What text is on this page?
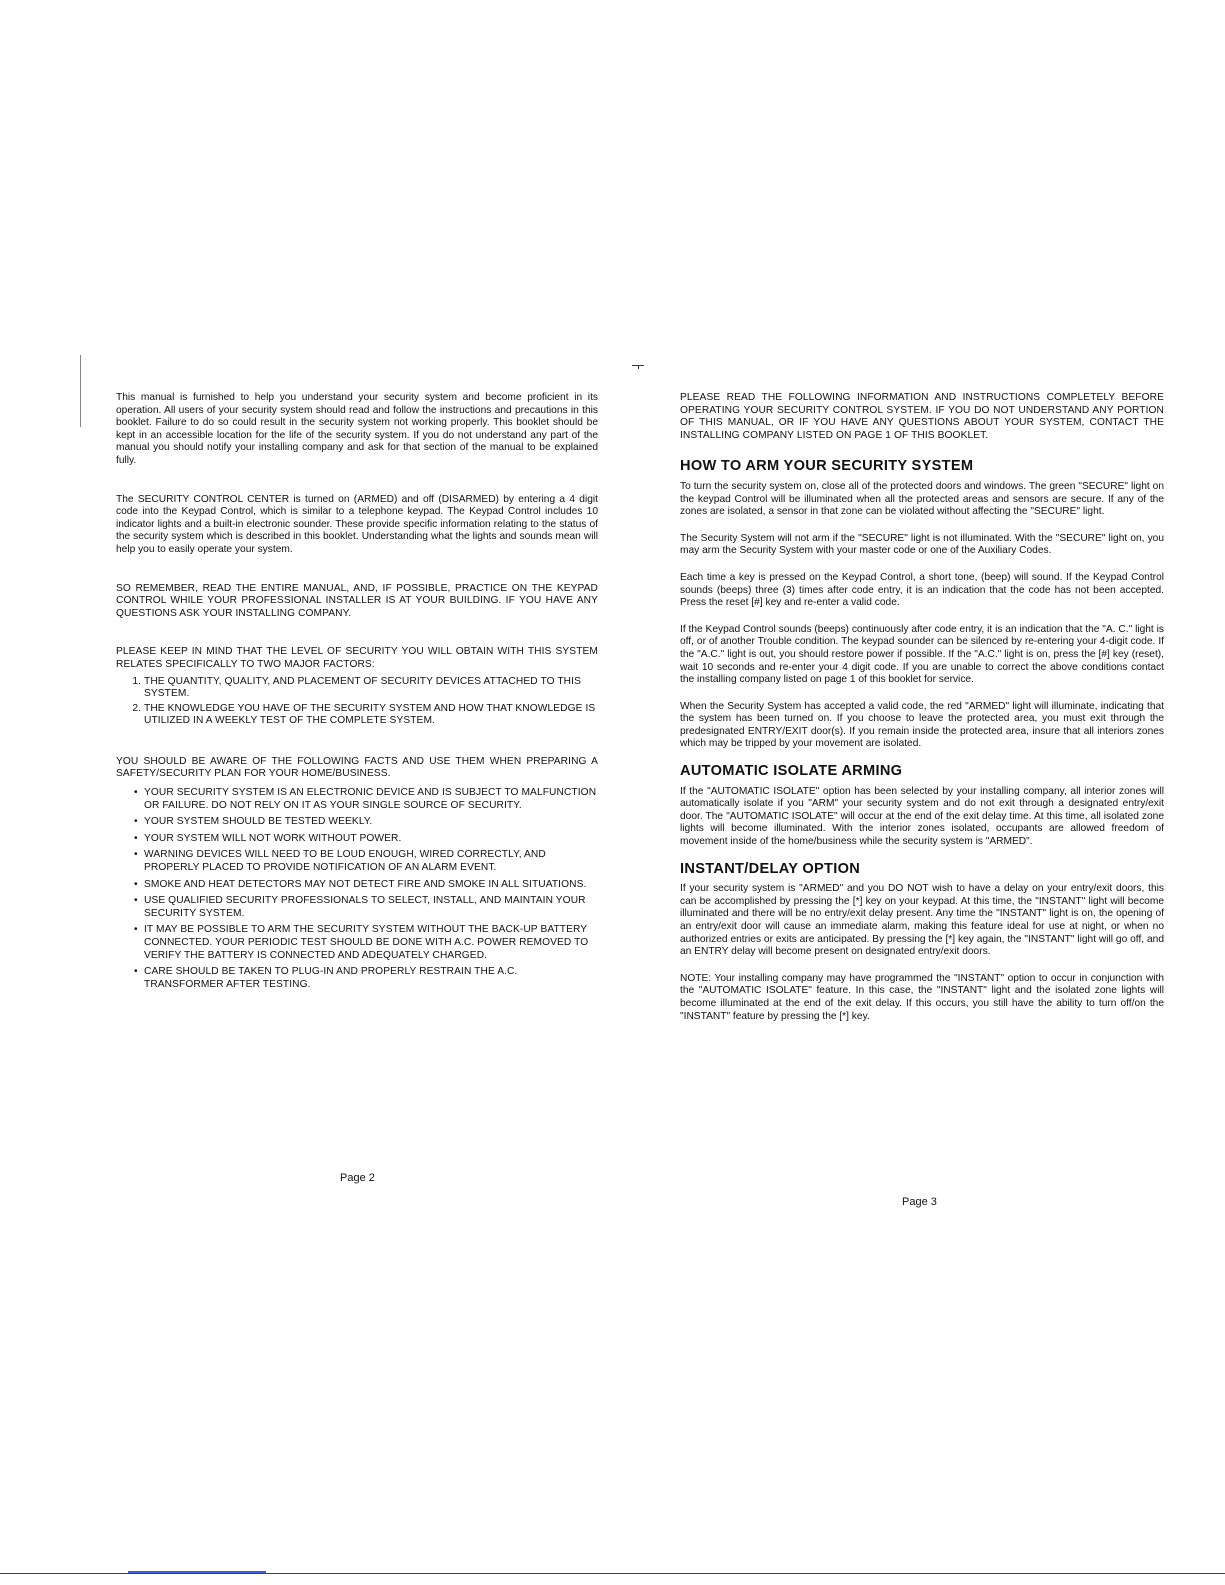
This manual is furnished to help you understand your security system and become proficient in its operation. All users of your security system should read and follow the instructions and precautions in this booklet. Failure to do so could result in the security system not working properly. This booklet should be kept in an accessible location for the life of the security system. If you do not understand any part of the manual you should notify your installing company and ask for that section of the manual to be explained fully.

The SECURITY CONTROL CENTER is turned on (ARMED) and off (DISARMED) by entering a 4 digit code into the Keypad Control, which is similar to a telephone keypad. The Keypad Control includes 10 indicator lights and a built-in electronic sounder. These provide specific information relating to the status of the security system which is described in this booklet. Understanding what the lights and sounds mean will help you to easily operate your system.

SO REMEMBER, READ THE ENTIRE MANUAL, AND, IF POSSIBLE, PRACTICE ON THE KEYPAD CONTROL WHILE YOUR PROFESSIONAL INSTALLER IS AT YOUR BUILDING. IF YOU HAVE ANY QUESTIONS ASK YOUR INSTALLING COMPANY.

PLEASE KEEP IN MIND THAT THE LEVEL OF SECURITY YOU WILL OBTAIN WITH THIS SYSTEM RELATES SPECIFICALLY TO TWO MAJOR FACTORS:

1. THE QUANTITY, QUALITY, AND PLACEMENT OF SECURITY DEVICES ATTACHED TO THIS SYSTEM.
2. THE KNOWLEDGE YOU HAVE OF THE SECURITY SYSTEM AND HOW THAT KNOWLEDGE IS UTILIZED IN A WEEKLY TEST OF THE COMPLETE SYSTEM.

YOU SHOULD BE AWARE OF THE FOLLOWING FACTS AND USE THEM WHEN PREPARING A SAFETY/SECURITY PLAN FOR YOUR HOME/BUSINESS.

• YOUR SECURITY SYSTEM IS AN ELECTRONIC DEVICE AND IS SUBJECT TO MALFUNCTION OR FAILURE. DO NOT RELY ON IT AS YOUR SINGLE SOURCE OF SECURITY.
• YOUR SYSTEM SHOULD BE TESTED WEEKLY.
• YOUR SYSTEM WILL NOT WORK WITHOUT POWER.
• WARNING DEVICES WILL NEED TO BE LOUD ENOUGH, WIRED CORRECTLY, AND PROPERLY PLACED TO PROVIDE NOTIFICATION OF AN ALARM EVENT.
• SMOKE AND HEAT DETECTORS MAY NOT DETECT FIRE AND SMOKE IN ALL SITUATIONS.
• USE QUALIFIED SECURITY PROFESSIONALS TO SELECT, INSTALL, AND MAINTAIN YOUR SECURITY SYSTEM.
• IT MAY BE POSSIBLE TO ARM THE SECURITY SYSTEM WITHOUT THE BACK-UP BATTERY CONNECTED. YOUR PERIODIC TEST SHOULD BE DONE WITH A.C. POWER REMOVED TO VERIFY THE BATTERY IS CONNECTED AND ADEQUATELY CHARGED.
• CARE SHOULD BE TAKEN TO PLUG-IN AND PROPERLY RESTRAIN THE A.C. TRANSFORMER AFTER TESTING.
Page 2

PLEASE READ THE FOLLOWING INFORMATION AND INSTRUCTIONS COMPLETELY BEFORE OPERATING YOUR SECURITY CONTROL SYSTEM. IF YOU DO NOT UNDERSTAND ANY PORTION OF THIS MANUAL, OR IF YOU HAVE ANY QUESTIONS ABOUT YOUR SYSTEM, CONTACT THE INSTALLING COMPANY LISTED ON PAGE 1 OF THIS BOOKLET.

HOW TO ARM YOUR SECURITY SYSTEM

To turn the security system on, close all of the protected doors and windows. The green "SECURE" light on the keypad Control will be illuminated when all the protected areas and sensors are secure. If any of the zones are isolated, a sensor in that zone can be violated without affecting the "SECURE" light.

The Security System will not arm if the "SECURE" light is not illuminated. With the "SECURE" light on, you may arm the Security System with your master code or one of the Auxiliary Codes.

Each time a key is pressed on the Keypad Control, a short tone, (beep) will sound. If the Keypad Control sounds (beeps) three (3) times after code entry, it is an indication that the code has not been accepted. Press the reset [#] key and re-enter a valid code.

If the Keypad Control sounds (beeps) continuously after code entry, it is an indication that the "A. C." light is off, or of another Trouble condition. The keypad sounder can be silenced by re-entering your 4-digit code. If the "A.C." light is out, you should restore power if possible. If the "A.C." light is on, press the [#] key (reset), wait 10 seconds and re-enter your 4 digit code. If you are unable to correct the above conditions contact the installing company listed on page 1 of this booklet for service.

When the Security System has accepted a valid code, the red "ARMED" light will illuminate, indicating that the system has been turned on. If you choose to leave the protected area, you must exit through the predesignated ENTRY/EXIT door(s). If you remain inside the protected area, insure that all interiors zones which may be tripped by your movement are isolated.

AUTOMATIC ISOLATE ARMING

If the "AUTOMATIC ISOLATE" option has been selected by your installing company, all interior zones will automatically isolate if you "ARM" your security system and do not exit through a designated entry/exit door. The "AUTOMATIC ISOLATE" will occur at the end of the exit delay time. At this time, all isolated zone lights will become illuminated. With the interior zones isolated, occupants are allowed freedom of movement inside of the home/business while the security system is "ARMED".

INSTANT/DELAY OPTION

If your security system is "ARMED" and you DO NOT wish to have a delay on your entry/exit doors, this can be accomplished by pressing the [*] key on your keypad. At this time, the "INSTANT" light will become illuminated and there will be no entry/exit delay present. Any time the "INSTANT" light is on, the opening of an entry/exit door will cause an immediate alarm, making this feature ideal for use at night, or when no authorized entries or exits are anticipated. By pressing the [*] key again, the "INSTANT" light will go off, and an ENTRY delay will become present on designated entry/exit doors.

NOTE: Your installing company may have programmed the "INSTANT" option to occur in conjunction with the "AUTOMATIC ISOLATE" feature. In this case, the "INSTANT" light and the isolated zone lights will become illuminated at the end of the exit delay. If this occurs, you still have the ability to turn off/on the "INSTANT" feature by pressing the [*] key.

Page 3
